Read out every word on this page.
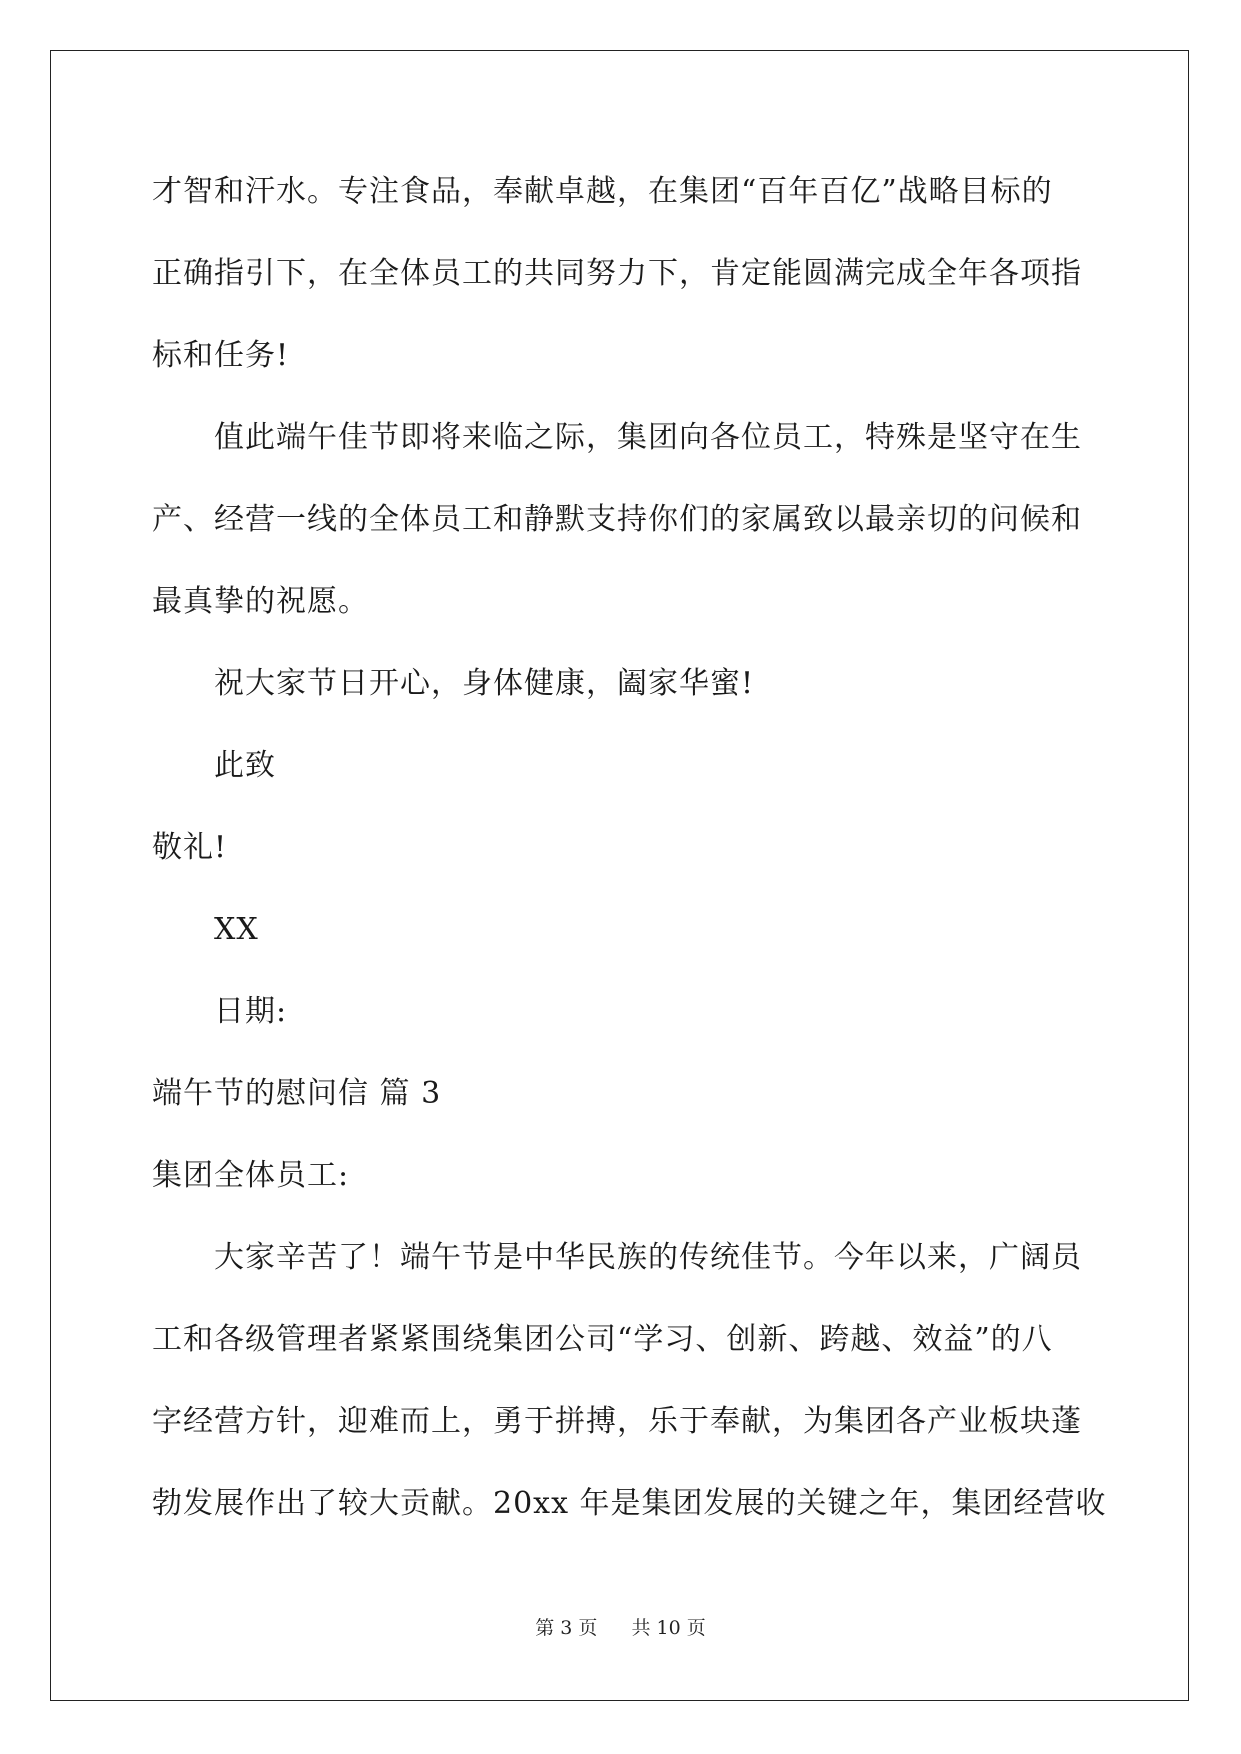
才智和汗水。专注食品，奉献卓越，在集团“百年百亿”战略目标的
正确指引下，在全体员工的共同努力下，肯定能圆满完成全年各项指
标和任务!
值此端午佳节即将来临之际，集团向各位员工，特殊是坚守在生
产、经营一线的全体员工和静默支持你们的家属致以最亲切的问候和
最真挚的祝愿。
祝大家节日开心，身体健康，阖家华蜜!
此致
敬礼!
XX
日期:
端午节的慰问信 篇 3
集团全体员工:
大家辛苦了！端午节是中华民族的传统佳节。今年以来，广阔员
工和各级管理者紧紧围绕集团公司“学习、创新、跨越、效益”的八
字经营方针，迎难而上，勇于拼搏，乐于奉献，为集团各产业板块蓬
勃发展作出了较大贡献。20xx 年是集团发展的关键之年，集团经营收
第 3 页 共 10 页
